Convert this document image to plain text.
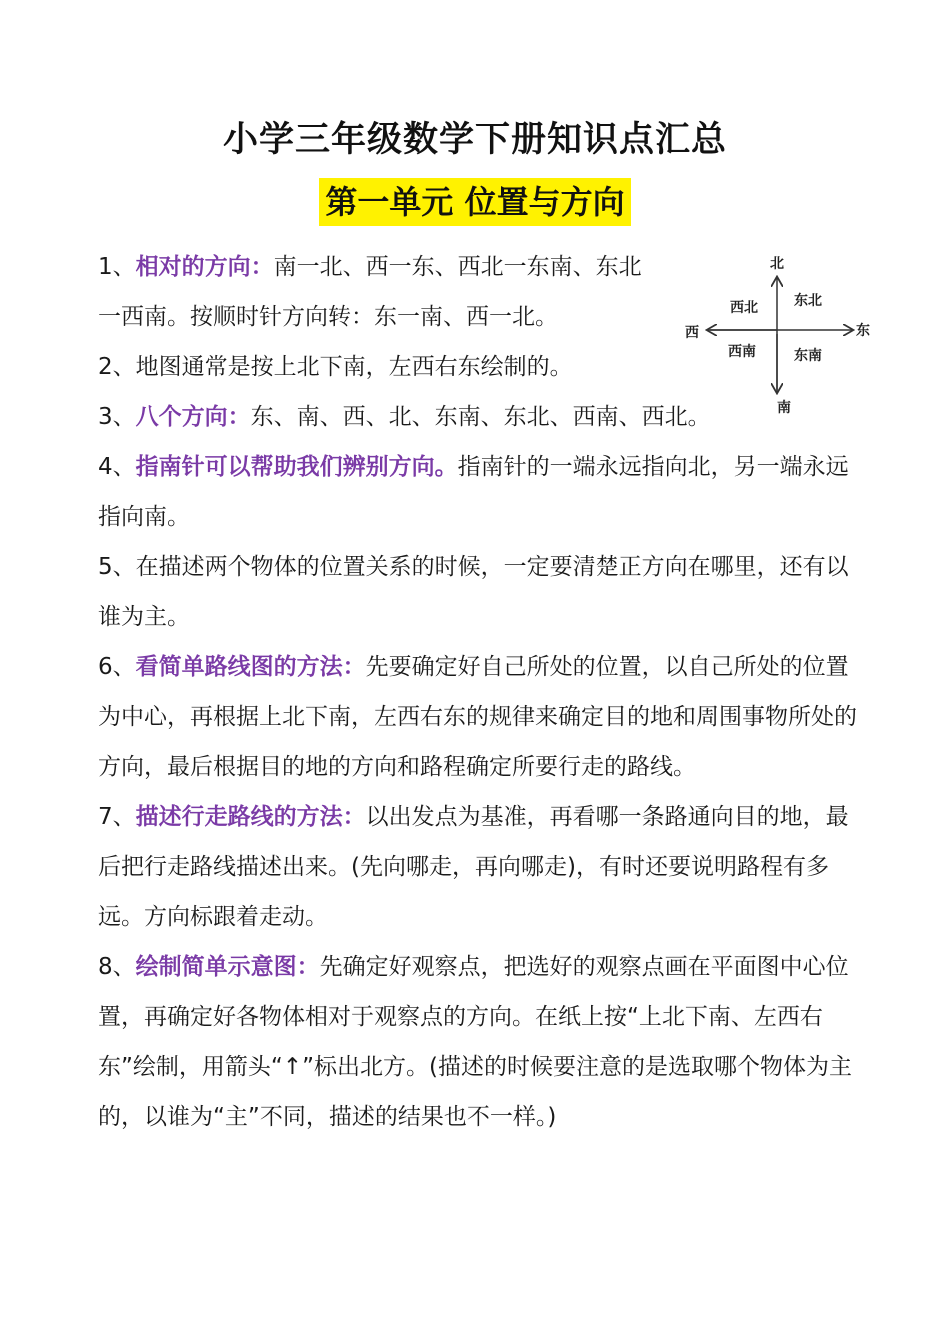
小学三年级数学下册知识点汇总
第一单元 位置与方向
北
南
东
西
西北	东北
西南	东南

1、相对的方向：南一北、西一东、西北一东南、东北一西南。按顺时针方向转：东一南、西一北。

2、地图通常是按上北下南，左西右东绘制的。

3、八个方向：东、南、西、北、东南、东北、西南、西北。

4、指南针可以帮助我们辨别方向。指南针的一端永远指向北，另一端永远指向南。

5、在描述两个物体的位置关系的时候，一定要清楚正方向在哪里，还有以谁为主。

6、看简单路线图的方法：先要确定好自己所处的位置，以自己所处的位置为中心，再根据上北下南，左西右东的规律来确定目的地和周围事物所处的方向，最后根据目的地的方向和路程确定所要行走的路线。

7、描述行走路线的方法：以出发点为基准，再看哪一条路通向目的地，最后把行走路线描述出来。(先向哪走，再向哪走)，有时还要说明路程有多远。方向标跟着走动。

8、绘制简单示意图：先确定好观察点，把选好的观察点画在平面图中心位置，再确定好各物体相对于观察点的方向。在纸上按“上北下南、左西右东”绘制，用箭头“↑”标出北方。(描述的时候要注意的是选取哪个物体为主的，以谁为“主”不同，描述的结果也不一样。)
